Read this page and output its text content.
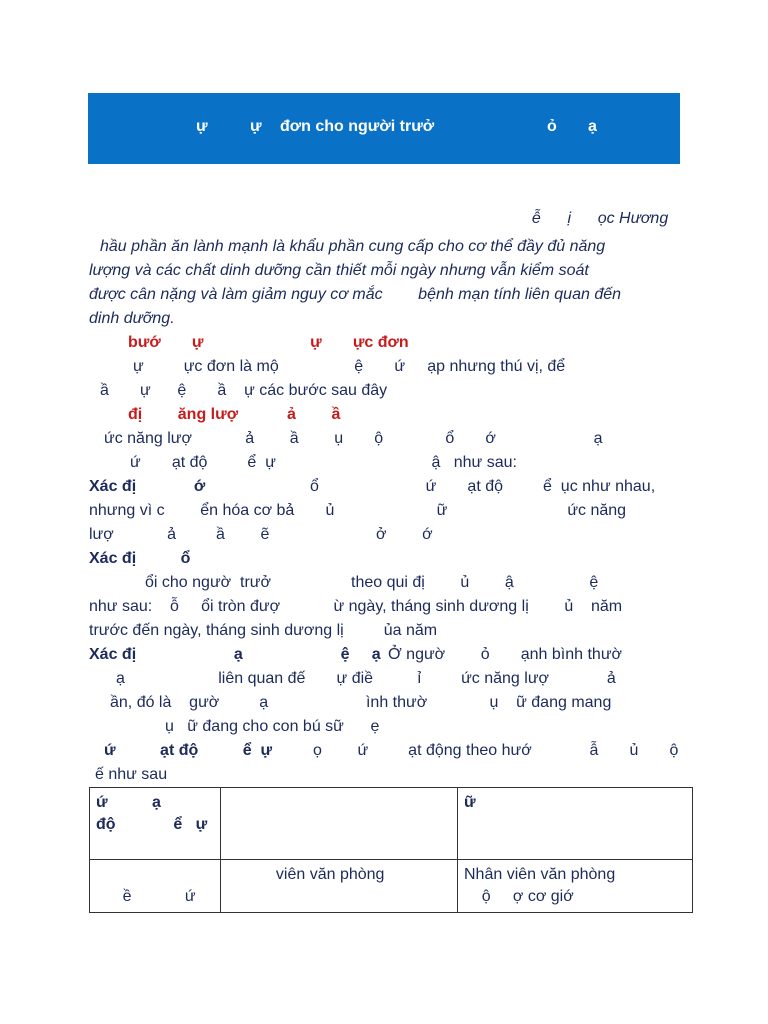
ự	ự đơn cho người trưở	ỏ ạ

ễ ị ọc Hương

hầu phần ăn lành mạnh là khẩu phần cung cấp cho cơ thể đầy đủ năng
lượng và các chất dinh dưỡng cần thiết mỗi ngày nhưng vẫn kiểm soát
được cân nặng và làm giảm nguy cơ mắc        bệnh mạn tính liên quan đến
dinh dưỡng.
bướ       ự                        ự       ực đơn
ự         ực đơn là mộ                 ệ       ứ     ạp nhưng thú vị, để
ầ       ự      ệ       ầ    ự các bước sau đây
đị        ăng lượ           ả        ầ
ức năng lượ            ả        ầ        ụ       ộ              ổ       ớ                      ạ
ứ       ạt độ         ể  ự                                   ậ   như sau:
Xác đị             ớ	ổ                        ứ       ạt độ         ể  ục như nhau,
nhưng vì c        ển hóa cơ bả       ủ                       ữ                           ức năng
lượ            ả         ầ        ẽ                        ở        ớ
Xác đị          ổ
ổi cho ngườ  trưở                  theo qui đị        ủ        ậ                 ệ
như sau:    ỗ     ổi tròn đượ            ừ ngày, tháng sinh dương lị        ủ    năm
trước đến ngày, tháng sinh dương lị         ủa năm
Xác đị                      ạ                      ệ     ạ Ở ngườ        ỏ       ạnh bình thườ
ạ                     liên quan đế       ự điề          ỉ         ức năng lượ             ả
ần, đó là    gườ         ạ                      ình thườ              ụ    ữ đang mang
ụ   ữ đang cho con bú sữ      ẹ
ứ          ạt độ          ể  ự	ọ        ứ         ạt động theo hướ             ẫ       ủ       ộ
ế như sau
ứ          ạ
độ             ể   ự		ữ

ề            ứ	viên văn phòng	Nhân viên văn phòng
ộ     ợ cơ giớ
